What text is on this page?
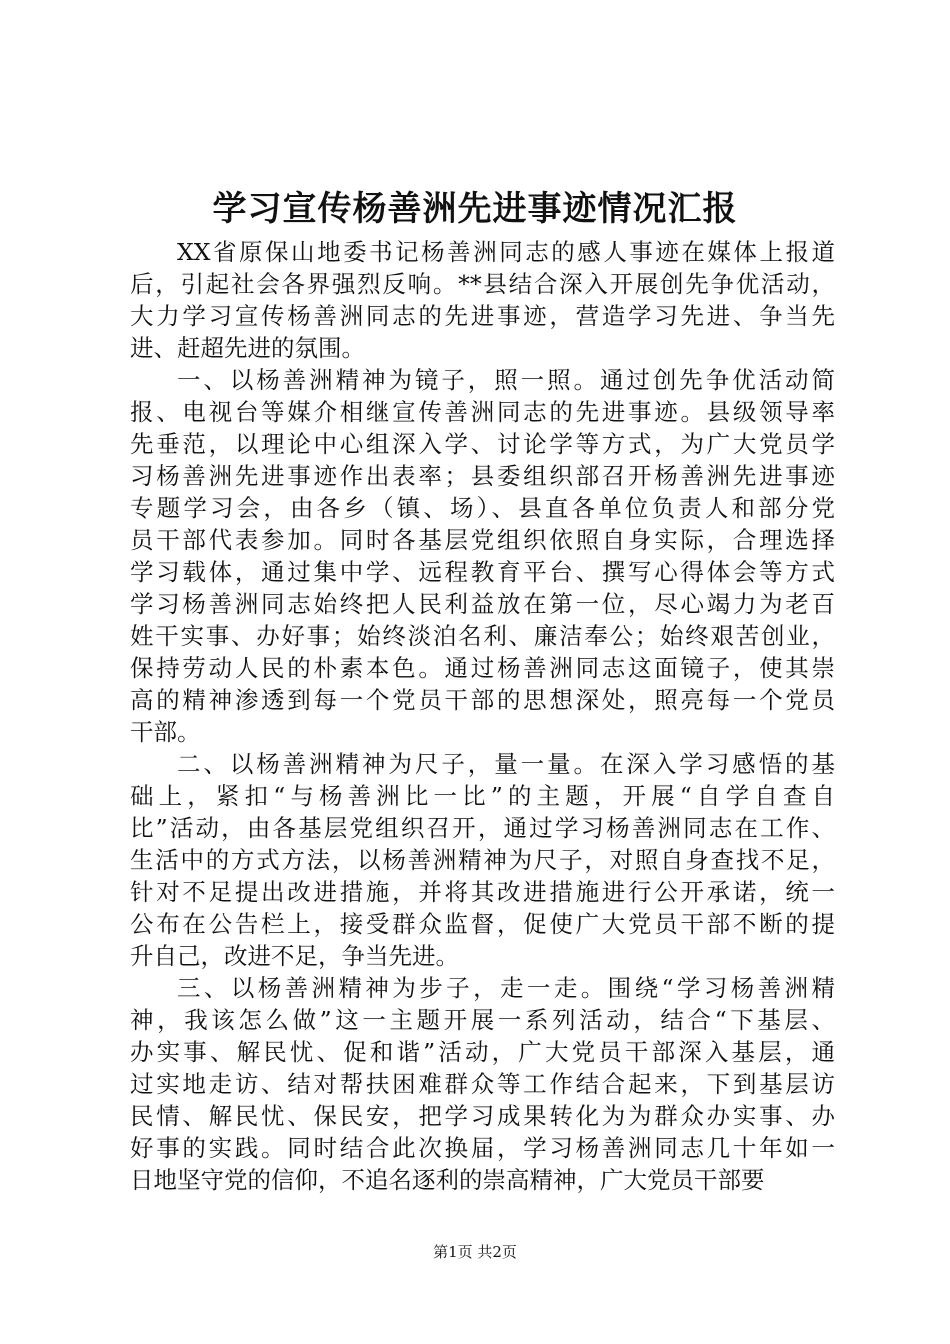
学习宣传杨善洲先进事迹情况汇报
XX省原保山地委书记杨善洲同志的感人事迹在媒体上报道
后，引起社会各界强烈反响。**县结合深入开展创先争优活动，
大力学习宣传杨善洲同志的先进事迹，营造学习先进、争当先
进、赶超先进的氛围。
一、以杨善洲精神为镜子，照一照。通过创先争优活动简
报、电视台等媒介相继宣传善洲同志的先进事迹。县级领导率
先垂范，以理论中心组深入学、讨论学等方式，为广大党员学
习杨善洲先进事迹作出表率；县委组织部召开杨善洲先进事迹
专题学习会，由各乡（镇、场）、县直各单位负责人和部分党
员干部代表参加。同时各基层党组织依照自身实际，合理选择
学习载体，通过集中学、远程教育平台、撰写心得体会等方式
学习杨善洲同志始终把人民利益放在第一位，尽心竭力为老百
姓干实事、办好事；始终淡泊名利、廉洁奉公；始终艰苦创业，
保持劳动人民的朴素本色。通过杨善洲同志这面镜子，使其崇
高的精神渗透到每一个党员干部的思想深处，照亮每一个党员
干部。
二、以杨善洲精神为尺子，量一量。在深入学习感悟的基
础上，紧扣“与杨善洲比一比”的主题，开展“自学自查自
比”活动，由各基层党组织召开，通过学习杨善洲同志在工作、
生活中的方式方法，以杨善洲精神为尺子，对照自身查找不足，
针对不足提出改进措施，并将其改进措施进行公开承诺，统一
公布在公告栏上，接受群众监督，促使广大党员干部不断的提
升自己，改进不足，争当先进。
三、以杨善洲精神为步子，走一走。围绕“学习杨善洲精
神，我该怎么做”这一主题开展一系列活动，结合“下基层、
办实事、解民忧、促和谐”活动，广大党员干部深入基层，通
过实地走访、结对帮扶困难群众等工作结合起来，下到基层访
民情、解民忧、保民安，把学习成果转化为为群众办实事、办
好事的实践。同时结合此次换届，学习杨善洲同志几十年如一
日地坚守党的信仰，不追名逐利的崇高精神，广大党员干部要
第1页 共2页
